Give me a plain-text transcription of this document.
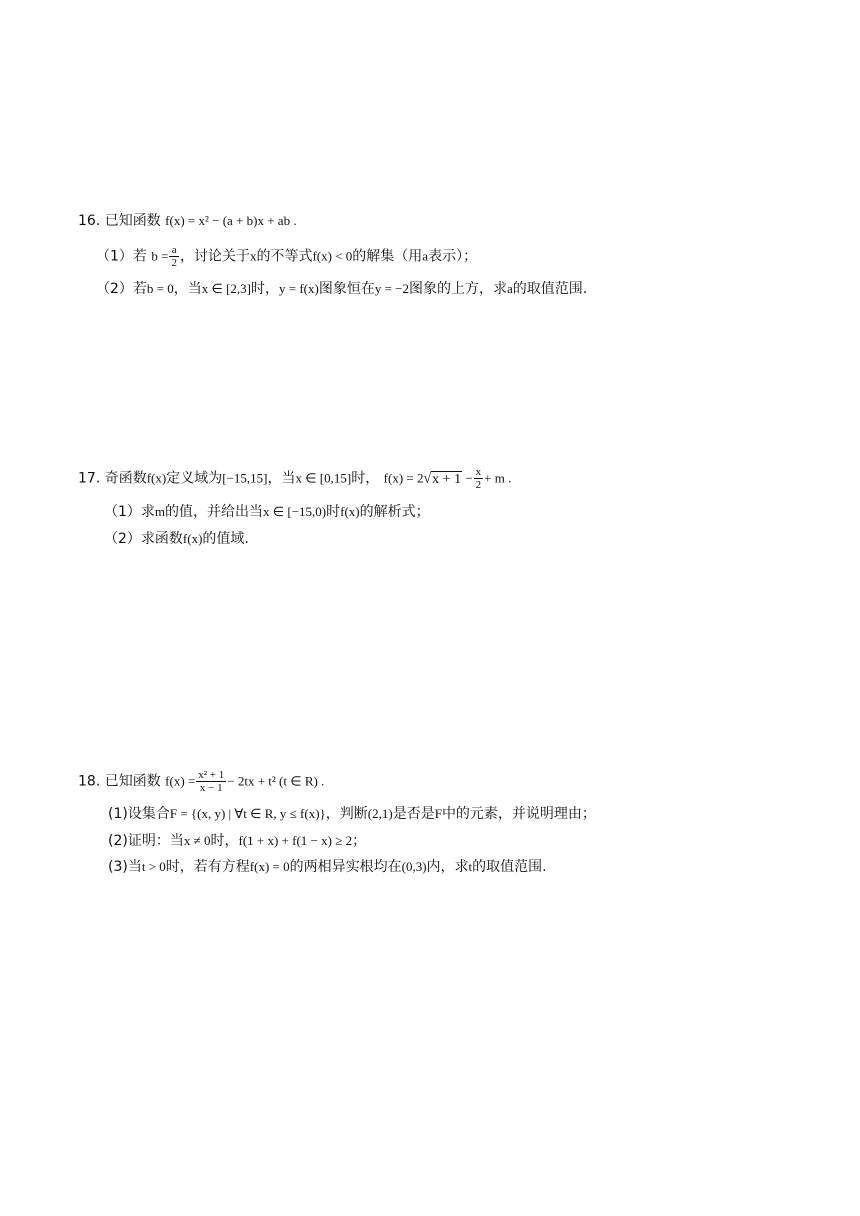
16. 已知函数 f(x) = x² − (a + b)x + ab .
（1）若 $b = \frac{a}{2}$ ，讨论关于x的不等式f(x) < 0的解集（用a表示）；
（2）若b = 0，当x ∈ [2,3]时，y = f(x)图象恒在y = −2图象的上方，求a的取值范围.
17. 奇函数f(x)定义域为[−15,15]，当x ∈ [0,15]时， $f(x) = 2√x + 1 - \frac{x}{2} + m$ .
（1）求m的值，并给出当x ∈ [−15,0)时f(x)的解析式；
（2）求函数f(x)的值域.
18. 已知函数 $f(x) = \frac{\text{x² + 1}}{x - 1} - 2tx + t^2$ (t ∈ R) .
(1)设集合F = {(x, y) | ∀t ∈ R, y ≤ f(x)}，判断(2,1)是否是F中的元素，并说明理由；
(2)证明：当x ≠ 0时，f(1 + x) + f(1 − x) ≥ 2；
(3)当t > 0时，若有方程f(x) = 0的两相异实根均在(0,3)内，求t的取值范围.
